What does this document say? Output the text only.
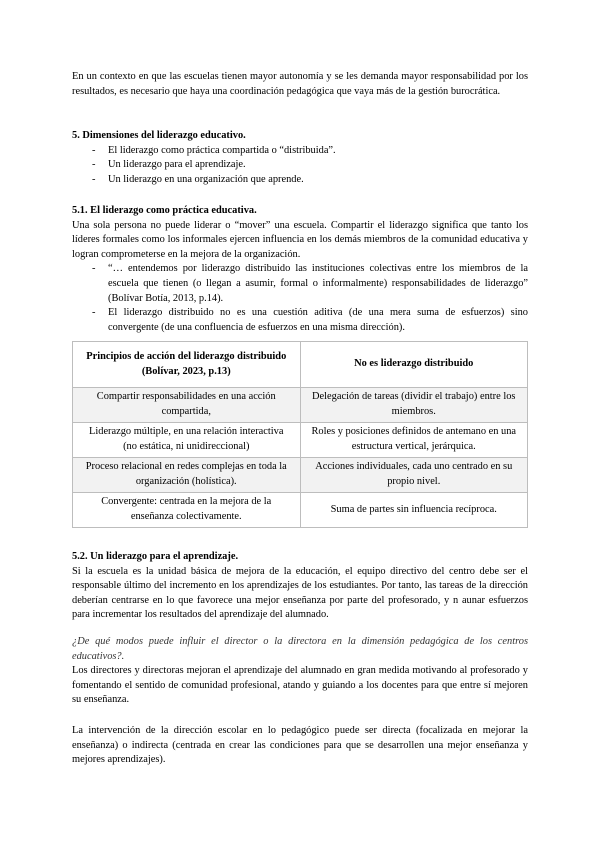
En un contexto en que las escuelas tienen mayor autonomía y se les demanda mayor responsabilidad por los resultados, es necesario que haya una coordinación pedagógica que vaya más de la gestión burocrática.

5. Dimensiones del liderazgo educativo.
- El liderazgo como práctica compartida o “distribuida”.
- Un liderazgo para el aprendizaje.
- Un liderazgo en una organización que aprende.
5.1. El liderazgo como práctica educativa.

Una sola persona no puede liderar o “mover” una escuela. Compartir el liderazgo significa que tanto los líderes formales como los informales ejercen influencia en los demás miembros de la comunidad educativa y logran comprometerse en la mejora de la organización.

- “… entendemos por liderazgo distribuido las instituciones colectivas entre los miembros de la escuela que tienen (o llegan a asumir, formal o informalmente) responsabilidades de liderazgo” (Bolívar Botía, 2013, p.14).
- El liderazgo distribuido no es una cuestión aditiva (de una mera suma de esfuerzos) sino convergente (de una confluencia de esfuerzos en una misma dirección).
Principios de acción del liderazgo distribuido (Bolívar, 2023, p.13)	No es liderazgo distribuido
Compartir responsabilidades en una acción compartida,	Delegación de tareas (dividir el trabajo) entre los miembros.
Liderazgo múltiple, en una relación interactiva (no estática, ni unidireccional)	Roles y posiciones definidos de antemano en una estructura vertical, jerárquica.
Proceso relacional en redes complejas en toda la organización (holística).	Acciones individuales, cada uno centrado en su propio nivel.
Convergente: centrada en la mejora de la enseñanza colectivamente.	Suma de partes sin influencia recíproca.
5.2. Un liderazgo para el aprendizaje.

Si la escuela es la unidad básica de mejora de la educación, el equipo directivo del centro debe ser el responsable último del incremento en los aprendizajes de los estudiantes. Por tanto, las tareas de la dirección deberían centrarse en lo que favorece una mejor enseñanza por parte del profesorado, y n aunar esfuerzos para incrementar los resultados del aprendizaje del alumnado.

¿De qué modos puede influir el director o la directora en la dimensión pedagógica de los centros educativos?.

Los directores y directoras mejoran el aprendizaje del alumnado en gran medida motivando al profesorado y fomentando el sentido de comunidad profesional, atando y guiando a los docentes para que entre sí mejoren su enseñanza.

La intervención de la dirección escolar en lo pedagógico puede ser directa (focalizada en mejorar la enseñanza) o indirecta (centrada en crear las condiciones para que se desarrollen una mejor enseñanza y mejores aprendizajes).
